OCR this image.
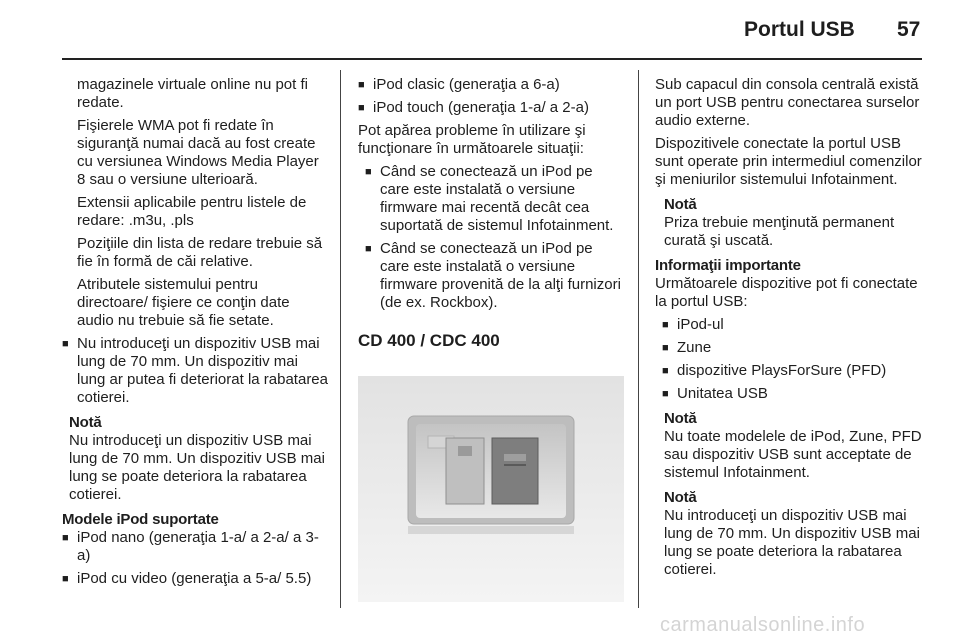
Portul USB 57

magazinele virtuale online nu pot fi redate.

Fişierele WMA pot fi redate în siguranţă numai dacă au fost create cu versiunea Windows Media Player 8 sau o versiune ulterioară.

Extensii aplicabile pentru listele de redare: .m3u, .pls

Poziţiile din lista de redare trebuie să fie în formă de căi relative.

Atributele sistemului pentru directoare/ fişiere ce conţin date audio nu trebuie să fie setate.

■ Nu introduceţi un dispozitiv USB mai lung de 70 mm. Un dispozitiv mai lung ar putea fi deteriorat la rabatarea cotierei.

Notă

Nu introduceţi un dispozitiv USB mai lung de 70 mm. Un dispozitiv USB mai lung se poate deteriora la rabatarea cotierei.

Modele iPod suportate

■ iPod nano (generaţia 1-a/ a 2-a/ a 3-a)
■ iPod cu video (generaţia a 5-a/ 5.5)
■ iPod clasic (generaţia a 6-a)
■ iPod touch (generaţia 1-a/ a 2-a)

Pot apărea probleme în utilizare şi funcţionare în următoarele situaţii:

■ Când se conectează un iPod pe care este instalată o versiune firmware mai recentă decât cea suportată de sistemul Infotainment.
■ Când se conectează un iPod pe care este instalată o versiune firmware provenită de la alţi furnizori (de ex. Rockbox).
CD 400 / CDC 400

Sub capacul din consola centrală există un port USB pentru conectarea surselor audio externe.

Dispozitivele conectate la portul USB sunt operate prin intermediul comenzilor şi meniurilor sistemului Infotainment.

Notă

Priza trebuie menţinută permanent curată şi uscată.

Informaţii importante

Următoarele dispozitive pot fi conectate la portul USB:

■ iPod-ul
■ Zune
■ dispozitive PlaysForSure (PFD)
■ Unitatea USB

Notă

Nu toate modelele de iPod, Zune, PFD sau dispozitiv USB sunt acceptate de sistemul Infotainment.

Notă

Nu introduceţi un dispozitiv USB mai lung de 70 mm. Un dispozitiv USB mai lung se poate deteriora la rabatarea cotierei.

carmanualsonline.info
